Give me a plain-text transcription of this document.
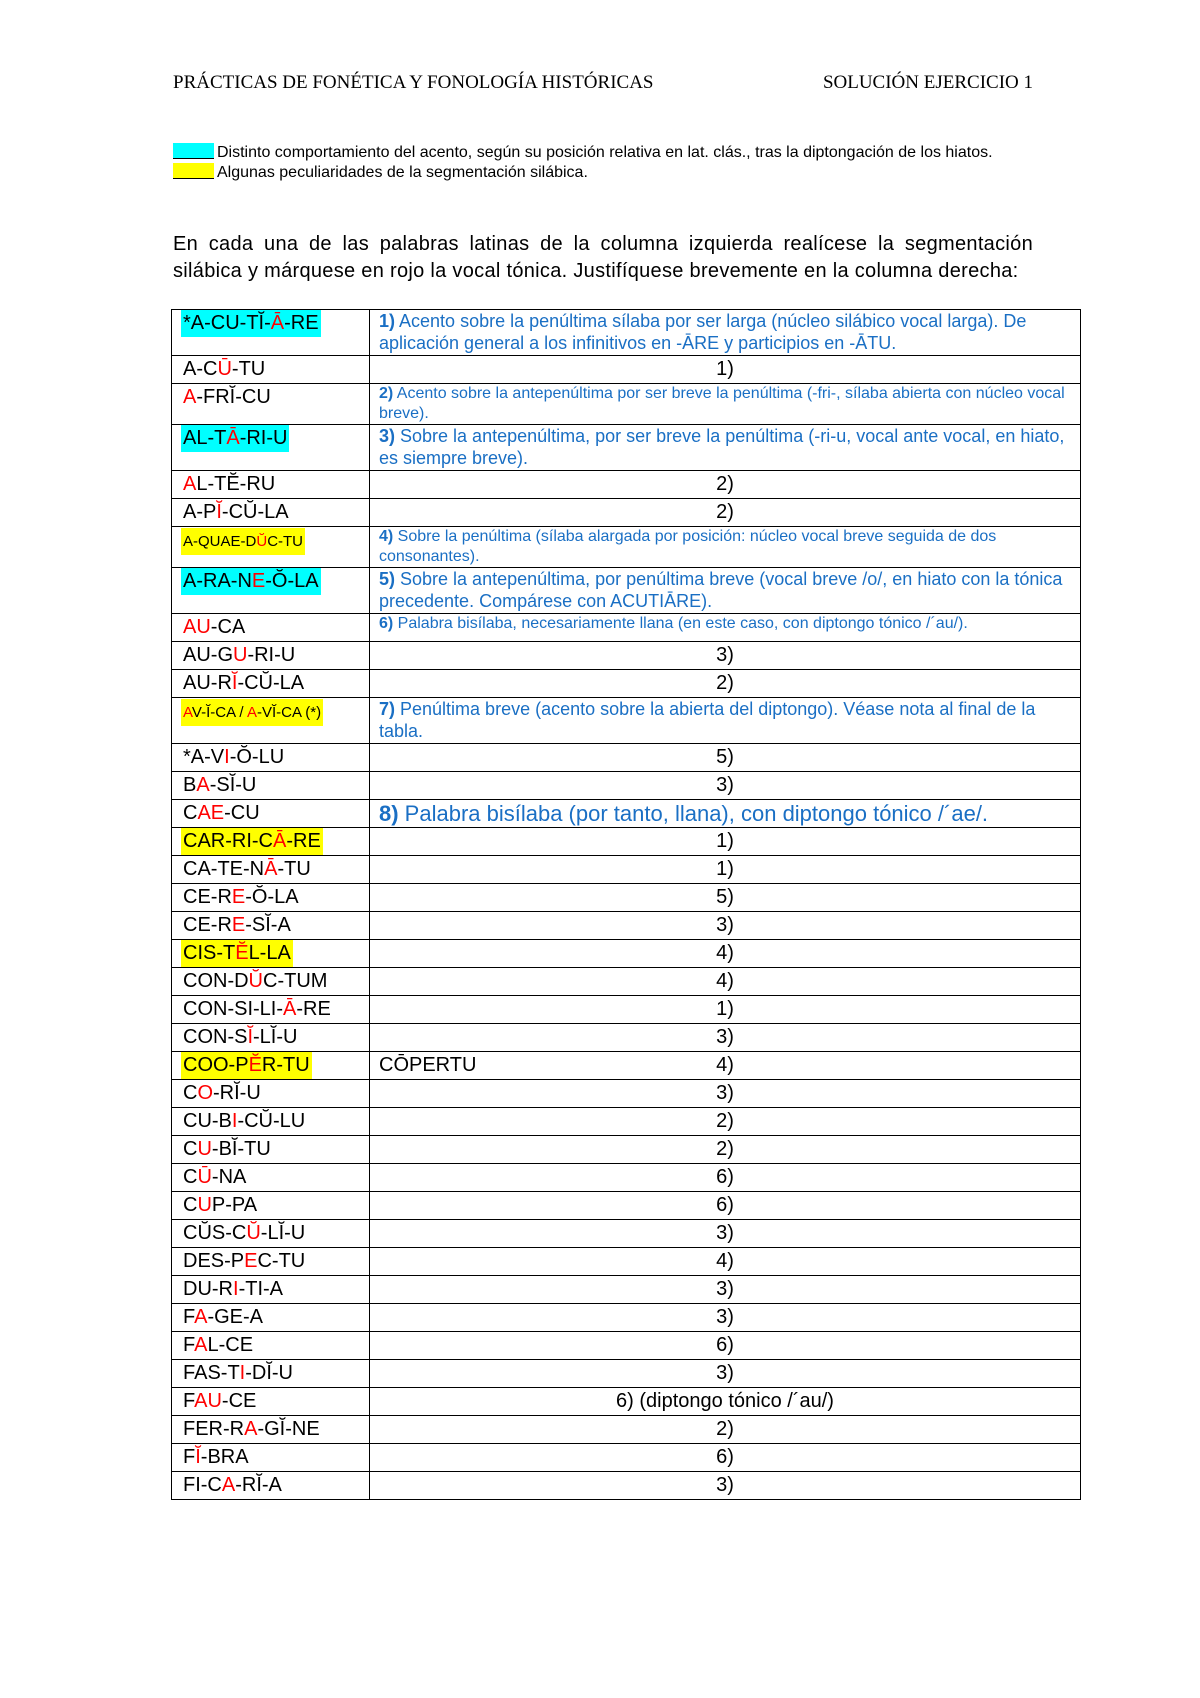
PRÁCTICAS DE FONÉTICA Y FONOLOGÍA HISTÓRICAS	SOLUCIÓN EJERCICIO 1

Distinto comportamiento del acento, según su posición relativa en lat. clás., tras la diptongación de los hiatos.

Algunas peculiaridades de la segmentación silábica.

En cada una de las palabras latinas de la columna izquierda realícese la segmentación silábica y márquese en rojo la vocal tónica. Justifíquese brevemente en la columna derecha:
*A-CU-TĬ-Ā-RE	1) Acento sobre la penúltima sílaba por ser larga (núcleo silábico vocal larga). De aplicación general a los infinitivos en -ĀRE y participios en -ĀTU.
A-CŪ-TU	1)
A-FRĬ-CU	2) Acento sobre la antepenúltima por ser breve la penúltima (-fri-, sílaba abierta con núcleo vocal breve).
AL-TĀ-RI-U	3) Sobre la antepenúltima, por ser breve la penúltima (-ri-u, vocal ante vocal, en hiato, es siempre breve).
AL-TĔ-RU	2)
A-PĬ-CŬ-LA	2)
A-QUAE-DŬC-TU	4) Sobre la penúltima (sílaba alargada por posición: núcleo vocal breve seguida de dos consonantes).
A-RA-NE-Ŏ-LA	5) Sobre la antepenúltima, por penúltima breve (vocal breve /o/, en hiato con la tónica precedente. Compárese con ACUTIĀRE).
AU-CA	6) Palabra bisílaba, necesariamente llana (en este caso, con diptongo tónico /´au/).
AU-GU-RI-U	3)
AU-RĬ-CŬ-LA	2)
AV-Ĭ-CA / A-VĬ-CA (*)	7) Penúltima breve (acento sobre la abierta del diptongo). Véase nota al final de la tabla.
*A-VI-Ŏ-LU	5)
BA-SĬ-U	3)
CAE-CU	8) Palabra bisílaba (por tanto, llana), con diptongo tónico /´ae/.
CAR-RI-CĀ-RE	1)
CA-TE-NĀ-TU	1)
CE-RE-Ŏ-LA	5)
CE-RE-SĬ-A	3)
CIS-TĔL-LA	4)
CON-DŬC-TUM	4)
CON-SI-LI-Ā-RE	1)
CON-SĬ-LĬ-U	3)
COO-PĔR-TU	CŌPERTU 4)

CO-RĬ-U	3)
CU-BI-CŬ-LU	2)
CU-BĬ-TU	2)
CŪ-NA	6)
CUP-PA	6)
CŬS-CŬ-LĬ-U	3)
DES-PEC-TU	4)
DU-RI-TI-A	3)
FA-GE-A	3)
FAL-CE	6)
FAS-TI-DĬ-U	3)
FAU-CE	6) (diptongo tónico /´au/)
FER-RA-GĬ-NE	2)
FĬ-BRA	6)
FI-CA-RĬ-A	3)
